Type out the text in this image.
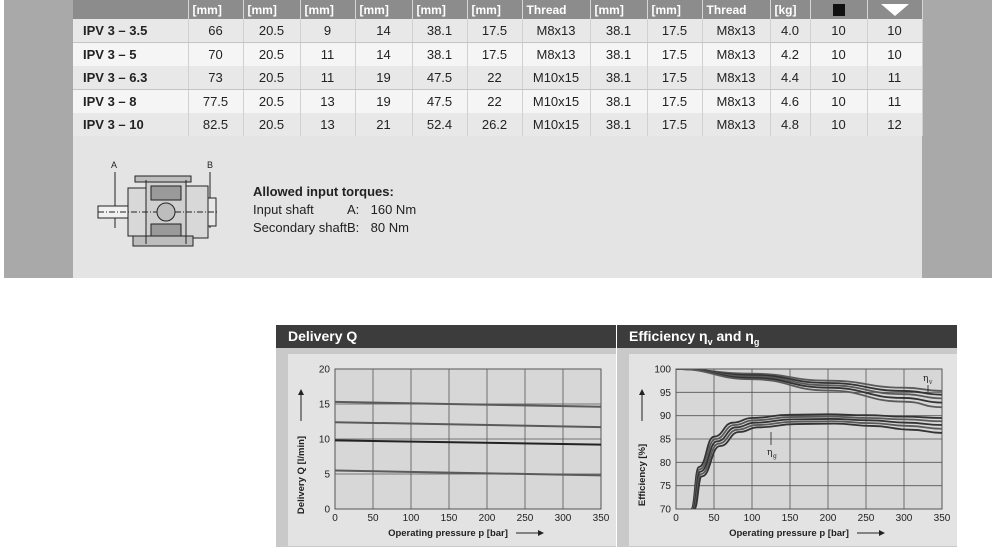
	[mm]	[mm]	[mm]	[mm]	[mm]	[mm]	Thread	[mm]	[mm]	Thread	[kg]		
IPV 3 – 3.5	66	20.5	9	14	38.1	17.5	M8x13	38.1	17.5	M8x13	4.0	10	10
IPV 3 – 5	70	20.5	11	14	38.1	17.5	M8x13	38.1	17.5	M8x13	4.2	10	10
IPV 3 – 6.3	73	20.5	11	19	47.5	22	M10x15	38.1	17.5	M8x13	4.4	10	11
IPV 3 – 8	77.5	20.5	13	19	47.5	22	M10x15	38.1	17.5	M8x13	4.6	10	11
IPV 3 – 10	82.5	20.5	13	21	52.4	26.2	M10x15	38.1	17.5	M8x13	4.8	10	12
A	B
Allowed input torques:
Input shaft	A: 160 Nm
Secondary shaftB: 80 Nm
Delivery Q
0	50 100 150 200 250 300 350
0
5
10
15
20
Operating pressure p [bar]
Delivery Q [l/min]
Efficiency $\eta_v$ and $\eta_g$
0	50 100 150 200 250 300 350
70
75
80
85
90
95
100
Operating pressure p [bar]
Efficiency [%]
η v
η g
